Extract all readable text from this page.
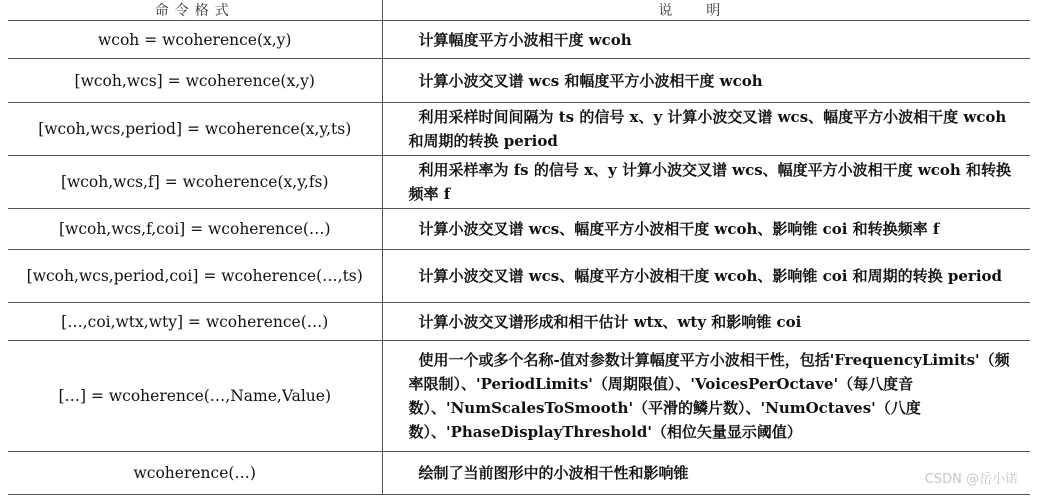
命令格式	说明
wcoh = wcoherence(x,y)	计算幅度平方小波相干度 wcoh
[wcoh,wcs] = wcoherence(x,y)	计算小波交叉谱 wcs 和幅度平方小波相干度 wcoh
[wcoh,wcs,period] = wcoherence(x,y,ts)	利用采样时间间隔为 ts 的信号 x、y 计算小波交叉谱 wcs、幅度平方小波相干度 wcoh 和周期的转换 period
[wcoh,wcs,f] = wcoherence(x,y,fs)	利用采样率为 fs 的信号 x、y 计算小波交叉谱 wcs、幅度平方小波相干度 wcoh 和转换频率 f
[wcoh,wcs,f,coi] = wcoherence(…)	计算小波交叉谱 wcs、幅度平方小波相干度 wcoh、影响锥 coi 和转换频率 f
[wcoh,wcs,period,coi] = wcoherence(…,ts)	计算小波交叉谱 wcs、幅度平方小波相干度 wcoh、影响锥 coi 和周期的转换 period
[…,coi,wtx,wty] = wcoherence(…)	计算小波交叉谱形成和相干估计 wtx、wty 和影响锥 coi
[…] = wcoherence(…,Name,Value)	使用一个或多个名称-值对参数计算幅度平方小波相干性，包括'FrequencyLimits'（频率限制）、'PeriodLimits'（周期限值）、'VoicesPerOctave'（每八度音数）、'NumScalesToSmooth'（平滑的鳞片数）、'NumOctaves'（八度数）、'PhaseDisplayThreshold'（相位矢量显示阈值）
wcoherence(…)	绘制了当前图形中的小波相干性和影响锥	CSDN @岳小诺
